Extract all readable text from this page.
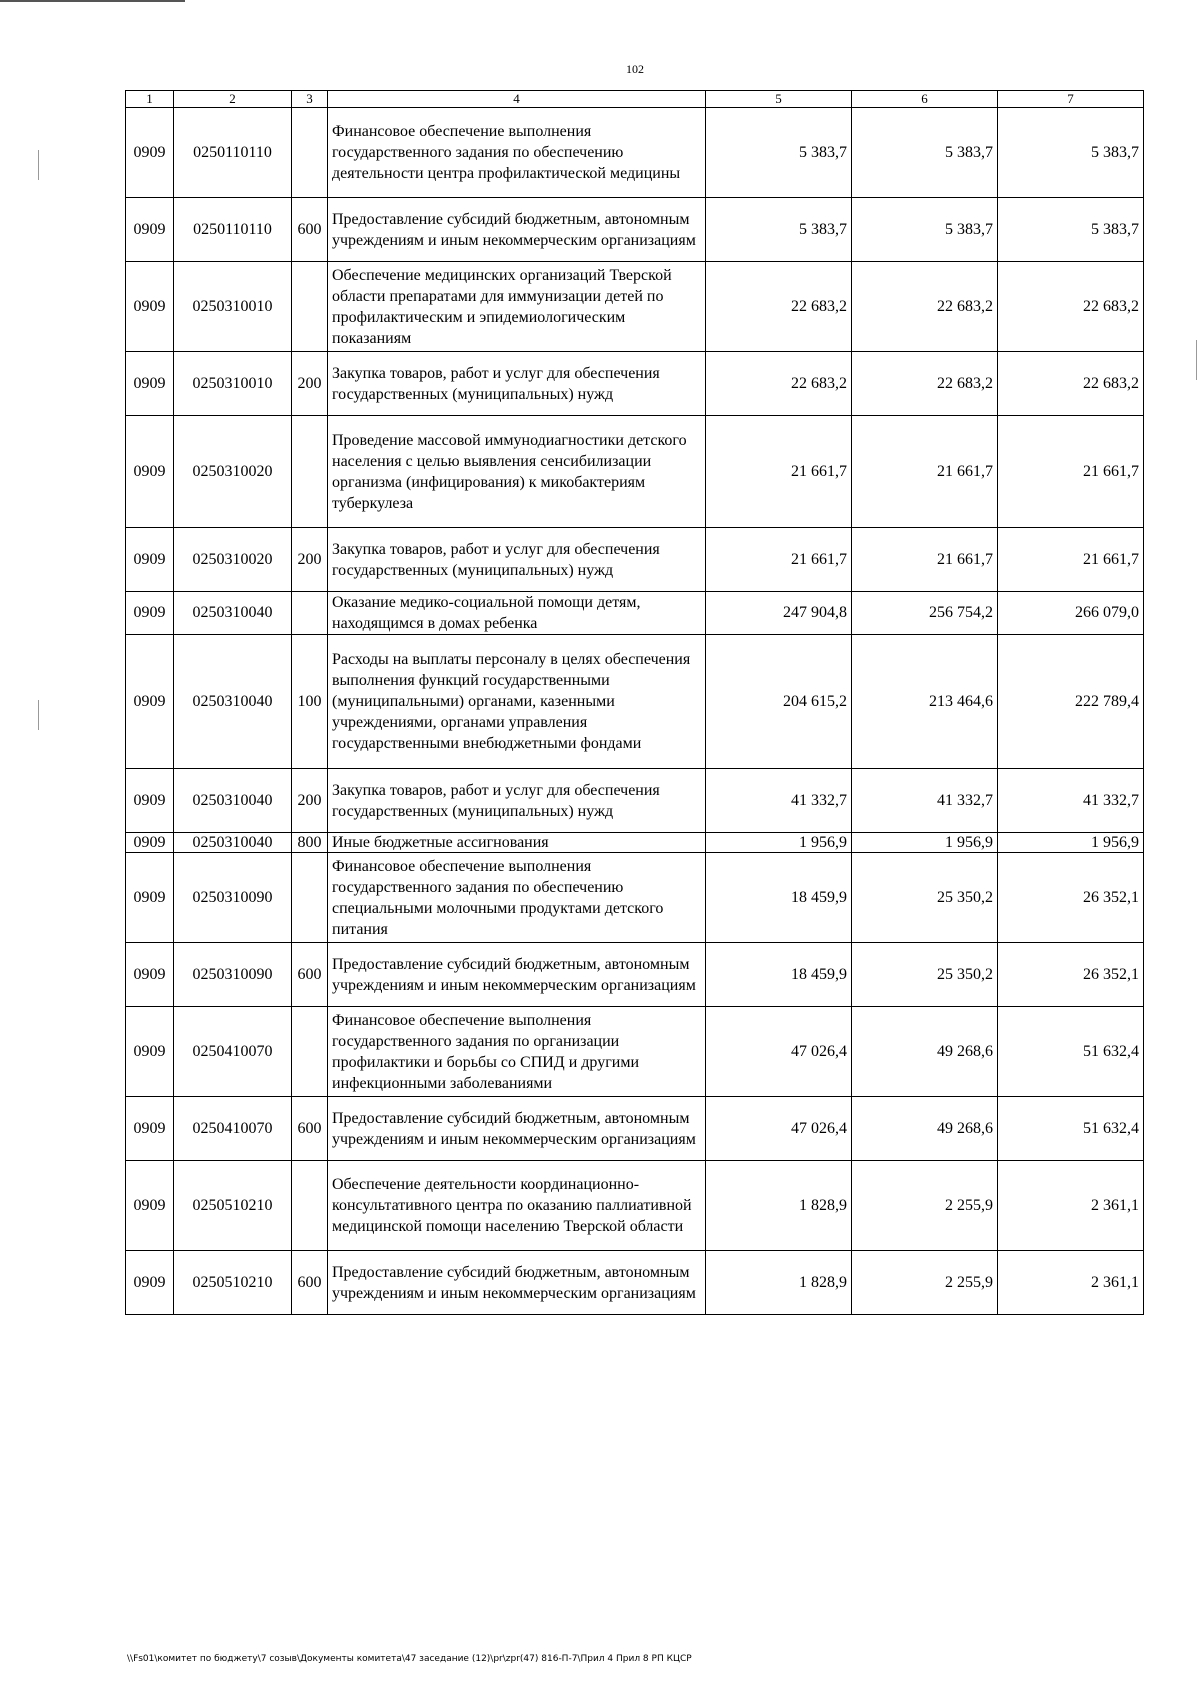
102
1	2	3	4	5	6	7
0909	0250110110		Финансовое обеспечение выполнения государственного задания по обеспечению деятельности центра профилактической медицины	5 383,7	5 383,7	5 383,7
0909	0250110110	600	Предоставление субсидий бюджетным, автономным учреждениям и иным некоммерческим организациям	5 383,7	5 383,7	5 383,7
0909	0250310010		Обеспечение медицинских организаций Тверской области препаратами для иммунизации детей по профилактическим и эпидемиологическим показаниям	22 683,2	22 683,2	22 683,2
0909	0250310010	200	Закупка товаров, работ и услуг для обеспечения государственных (муниципальных) нужд	22 683,2	22 683,2	22 683,2
0909	0250310020		Проведение массовой иммунодиагностики детского населения с целью выявления сенсибилизации организма (инфицирования) к микобактериям туберкулеза	21 661,7	21 661,7	21 661,7
0909	0250310020	200	Закупка товаров, работ и услуг для обеспечения государственных (муниципальных) нужд	21 661,7	21 661,7	21 661,7
0909	0250310040		Оказание медико-социальной помощи детям, находящимся в домах ребенка	247 904,8	256 754,2	266 079,0
0909	0250310040	100	Расходы на выплаты персоналу в целях обеспечения выполнения функций государственными (муниципальными) органами, казенными учреждениями, органами управления государственными внебюджетными фондами	204 615,2	213 464,6	222 789,4
0909	0250310040	200	Закупка товаров, работ и услуг для обеспечения государственных (муниципальных) нужд	41 332,7	41 332,7	41 332,7
0909	0250310040	800	Иные бюджетные ассигнования	1 956,9	1 956,9	1 956,9
0909	0250310090		Финансовое обеспечение выполнения государственного задания по обеспечению специальными молочными продуктами детского питания	18 459,9	25 350,2	26 352,1
0909	0250310090	600	Предоставление субсидий бюджетным, автономным учреждениям и иным некоммерческим организациям	18 459,9	25 350,2	26 352,1
0909	0250410070		Финансовое обеспечение выполнения государственного задания по организации профилактики и борьбы со СПИД и другими инфекционными заболеваниями	47 026,4	49 268,6	51 632,4
0909	0250410070	600	Предоставление субсидий бюджетным, автономным учреждениям и иным некоммерческим организациям	47 026,4	49 268,6	51 632,4
0909	0250510210		Обеспечение деятельности координационно-консультативного центра по оказанию паллиативной медицинской помощи населению Тверской области	1 828,9	2 255,9	2 361,1
0909	0250510210	600	Предоставление субсидий бюджетным, автономным учреждениям и иным некоммерческим организациям	1 828,9	2 255,9	2 361,1
\\Fs01\комитет по бюджету\7 созыв\Документы комитета\47 заседание (12)\pr\zpr(47) 816-П-7\Прил 4 Прил 8 РП КЦСР
